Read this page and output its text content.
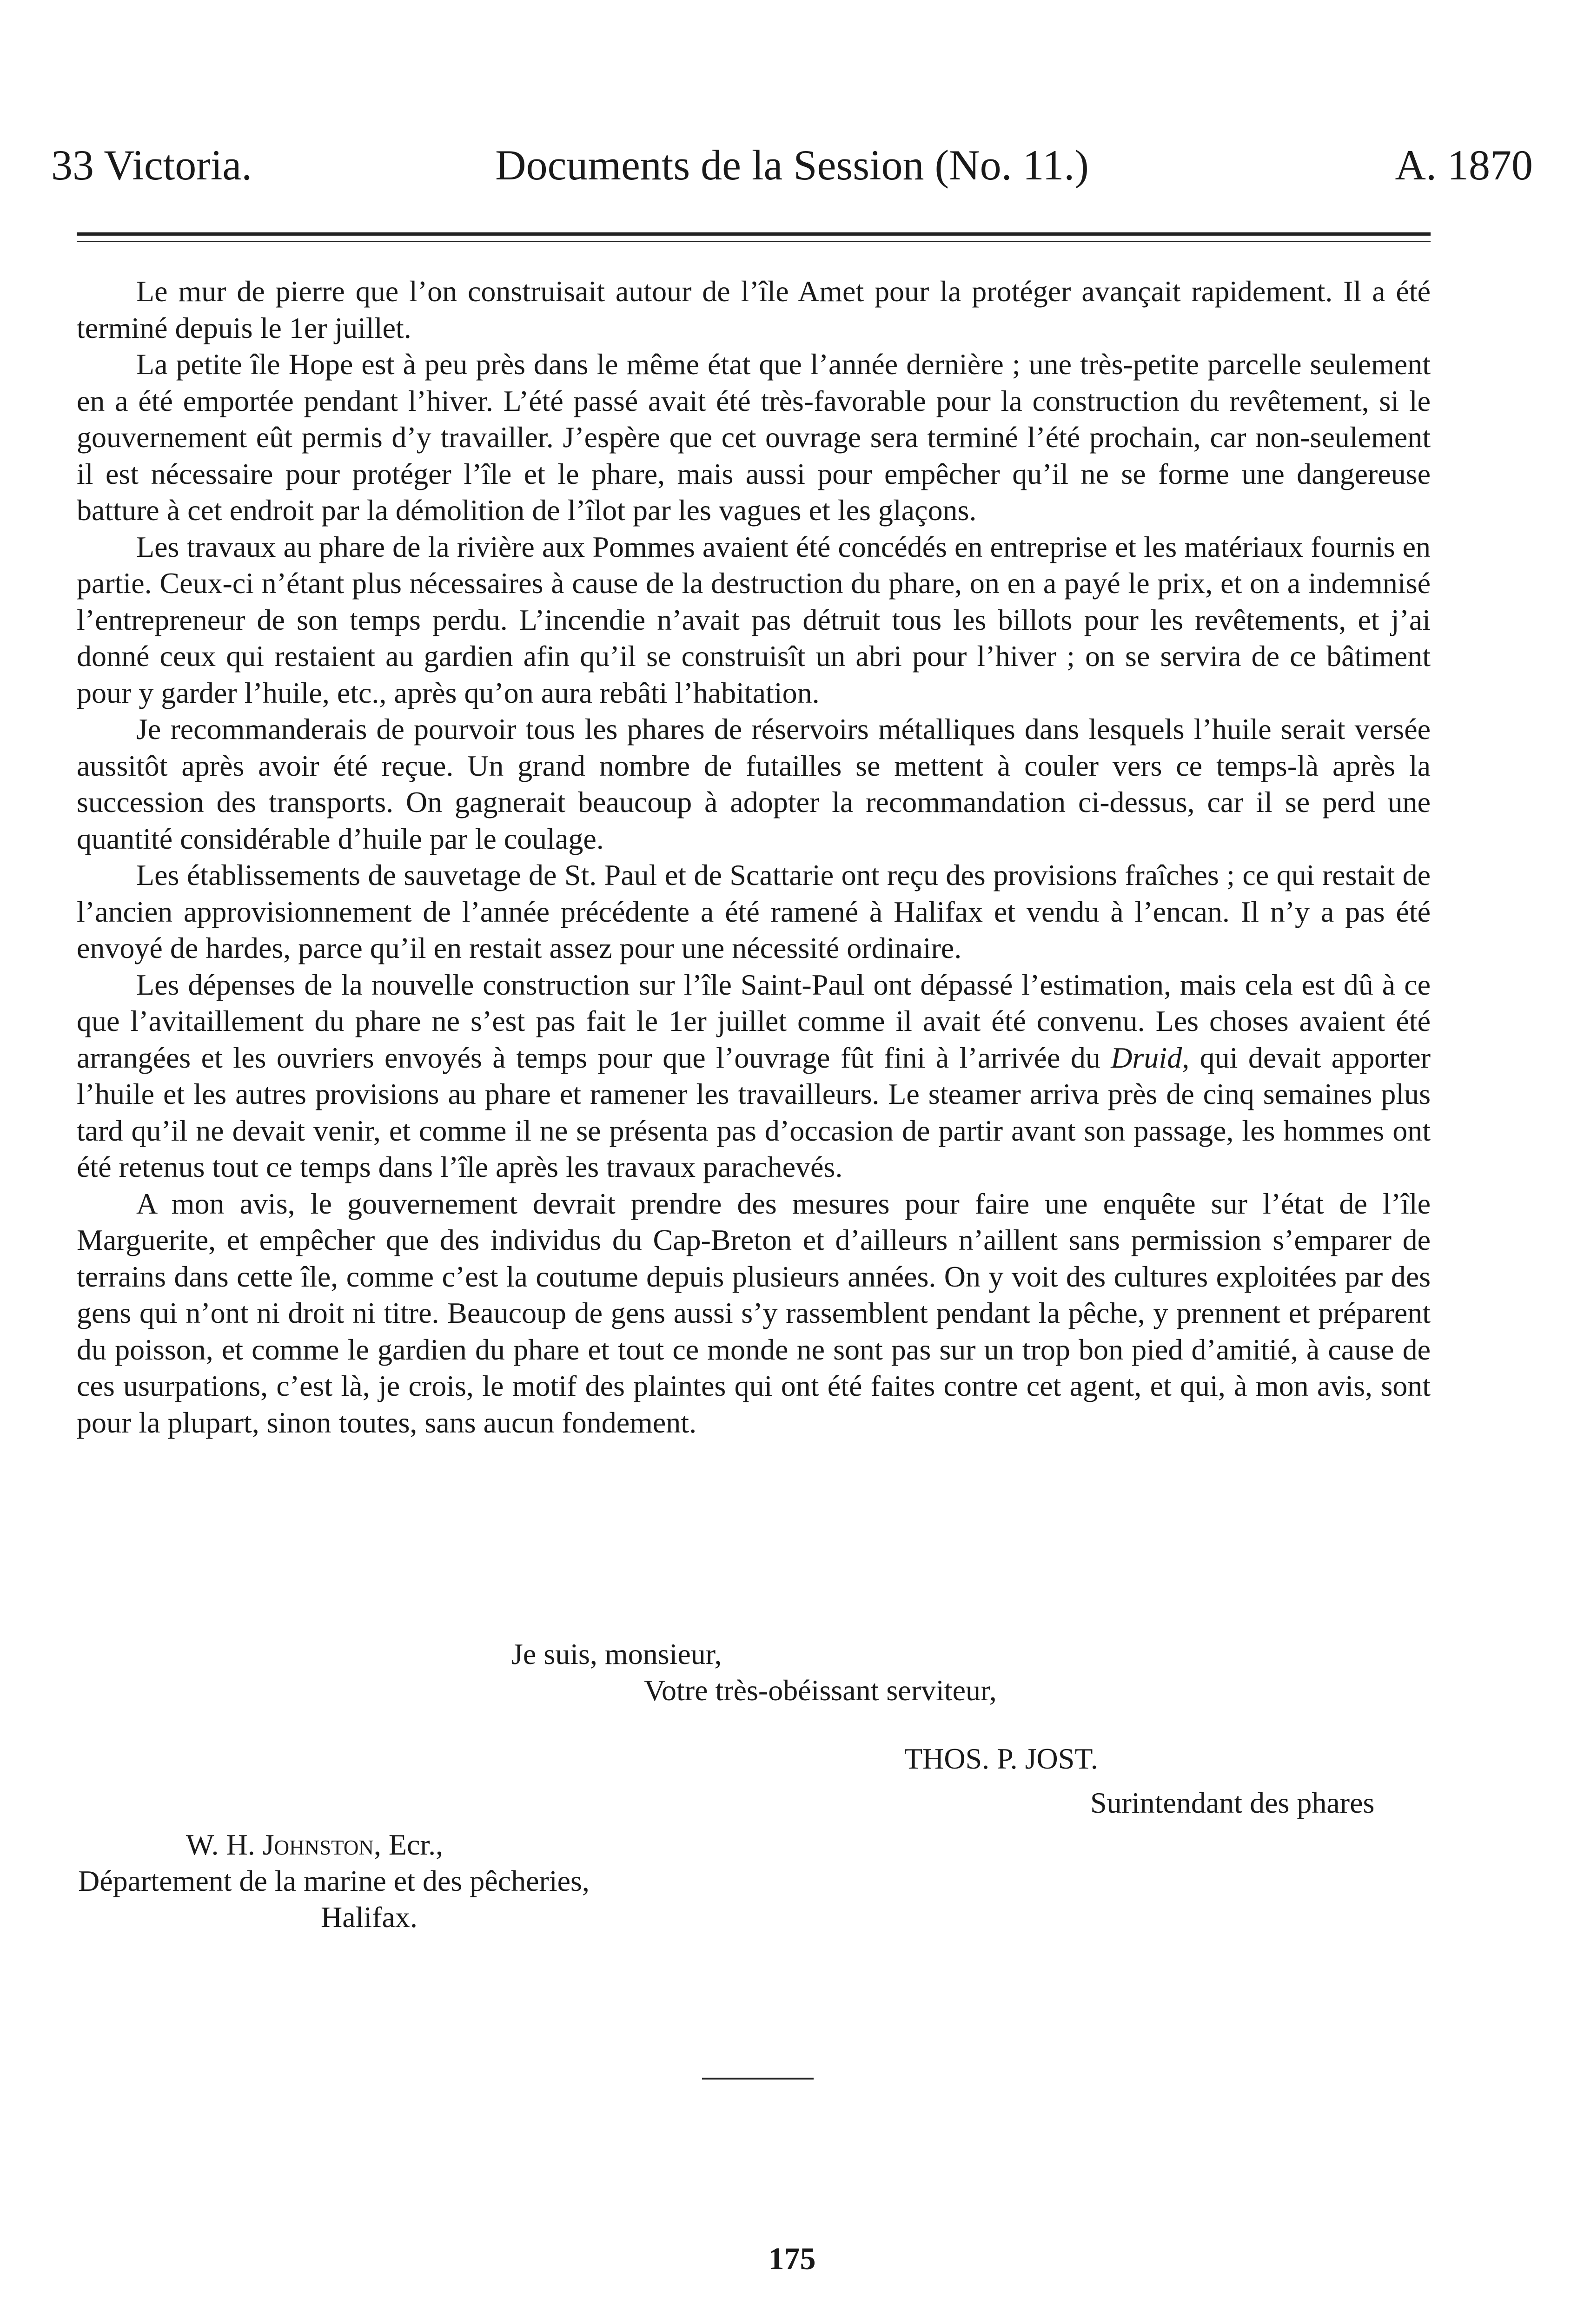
33 Victoria.	Documents de la Session (No. 11.)	A. 1870

Le mur de pierre que l’on construisait autour de l’île Amet pour la protéger avançait rapidement. Il a été terminé depuis le 1er juillet.

La petite île Hope est à peu près dans le même état que l’année dernière ; une très-petite parcelle seulement en a été emportée pendant l’hiver. L’été passé avait été très-favorable pour la construction du revêtement, si le gouvernement eût permis d’y travailler. J’espère que cet ouvrage sera terminé l’été prochain, car non-seulement il est nécessaire pour protéger l’île et le phare, mais aussi pour empêcher qu’il ne se forme une dangereuse batture à cet endroit par la démolition de l’îlot par les vagues et les glaçons.

Les travaux au phare de la rivière aux Pommes avaient été concédés en entreprise et les matériaux fournis en partie. Ceux-ci n’étant plus nécessaires à cause de la destruction du phare, on en a payé le prix, et on a indemnisé l’entrepreneur de son temps perdu. L’incendie n’avait pas détruit tous les billots pour les revêtements, et j’ai donné ceux qui restaient au gardien afin qu’il se construisît un abri pour l’hiver ; on se servira de ce bâtiment pour y garder l’huile, etc., après qu’on aura rebâti l’habitation.

Je recommanderais de pourvoir tous les phares de réservoirs métalliques dans lesquels l’huile serait versée aussitôt après avoir été reçue. Un grand nombre de futailles se mettent à couler vers ce temps-là après la succession des transports. On gagnerait beaucoup à adopter la recommandation ci-dessus, car il se perd une quantité considérable d’huile par le coulage.

Les établissements de sauvetage de St. Paul et de Scattarie ont reçu des provisions fraîches ; ce qui restait de l’ancien approvisionnement de l’année précédente a été ramené à Halifax et vendu à l’encan. Il n’y a pas été envoyé de hardes, parce qu’il en restait assez pour une nécessité ordinaire.

Les dépenses de la nouvelle construction sur l’île Saint-Paul ont dépassé l’estimation, mais cela est dû à ce que l’avitaillement du phare ne s’est pas fait le 1er juillet comme il avait été convenu. Les choses avaient été arrangées et les ouvriers envoyés à temps pour que l’ouvrage fût fini à l’arrivée du Druid, qui devait apporter l’huile et les autres provisions au phare et ramener les travailleurs. Le steamer arriva près de cinq semaines plus tard qu’il ne devait venir, et comme il ne se présenta pas d’occasion de partir avant son passage, les hommes ont été retenus tout ce temps dans l’île après les travaux parachevés.

A mon avis, le gouvernement devrait prendre des mesures pour faire une enquête sur l’état de l’île Marguerite, et empêcher que des individus du Cap-Breton et d’ailleurs n’aillent sans permission s’emparer de terrains dans cette île, comme c’est la coutume depuis plusieurs années. On y voit des cultures exploitées par des gens qui n’ont ni droit ni titre. Beaucoup de gens aussi s’y rassemblent pendant la pêche, y prennent et préparent du poisson, et comme le gardien du phare et tout ce monde ne sont pas sur un trop bon pied d’amitié, à cause de ces usurpations, c’est là, je crois, le motif des plaintes qui ont été faites contre cet agent, et qui, à mon avis, sont pour la plupart, sinon toutes, sans aucun fondement.

Je suis, monsieur,
Votre très-obéissant serviteur,
THOS. P. JOST.
Surintendant des phares
W. H. Johnston, Ecr.,
Département de la marine et des pêcheries,
Halifax.
175
